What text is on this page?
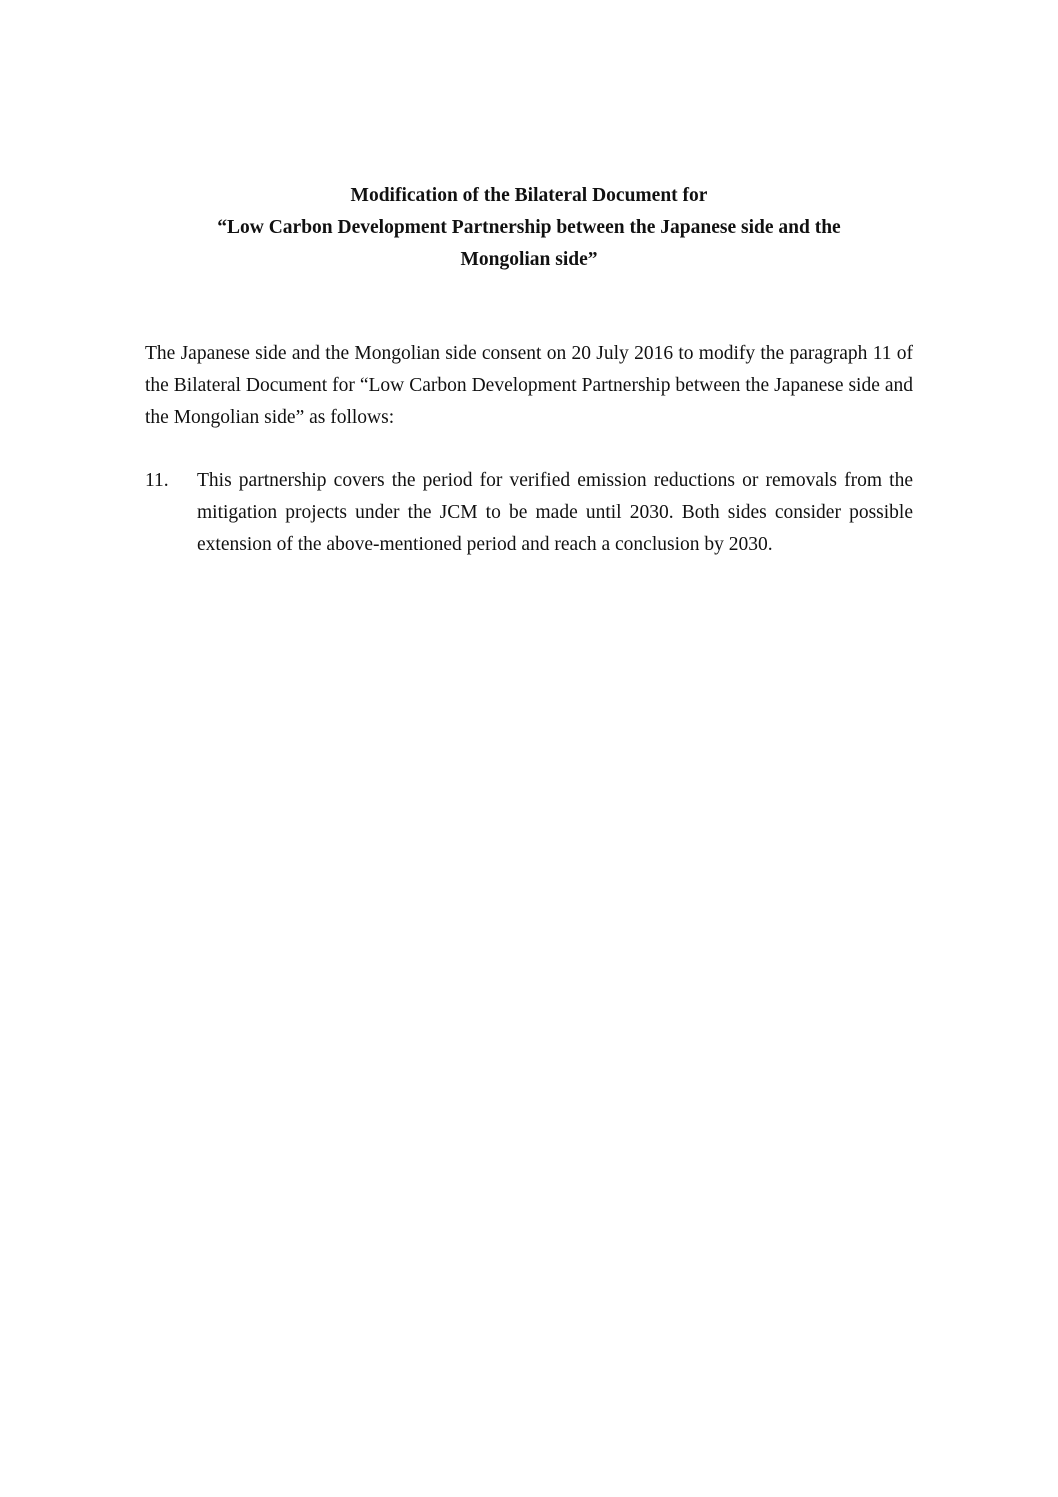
Modification of the Bilateral Document for
“Low Carbon Development Partnership between the Japanese side and the
Mongolian side”

The Japanese side and the Mongolian side consent on 20 July 2016 to modify the paragraph 11 of the Bilateral Document for “Low Carbon Development Partnership between the Japanese side and the Mongolian side” as follows:

11.	This partnership covers the period for verified emission reductions or removals from the mitigation projects under the JCM to be made until 2030. Both sides consider possible extension of the above-mentioned period and reach a conclusion by 2030.
